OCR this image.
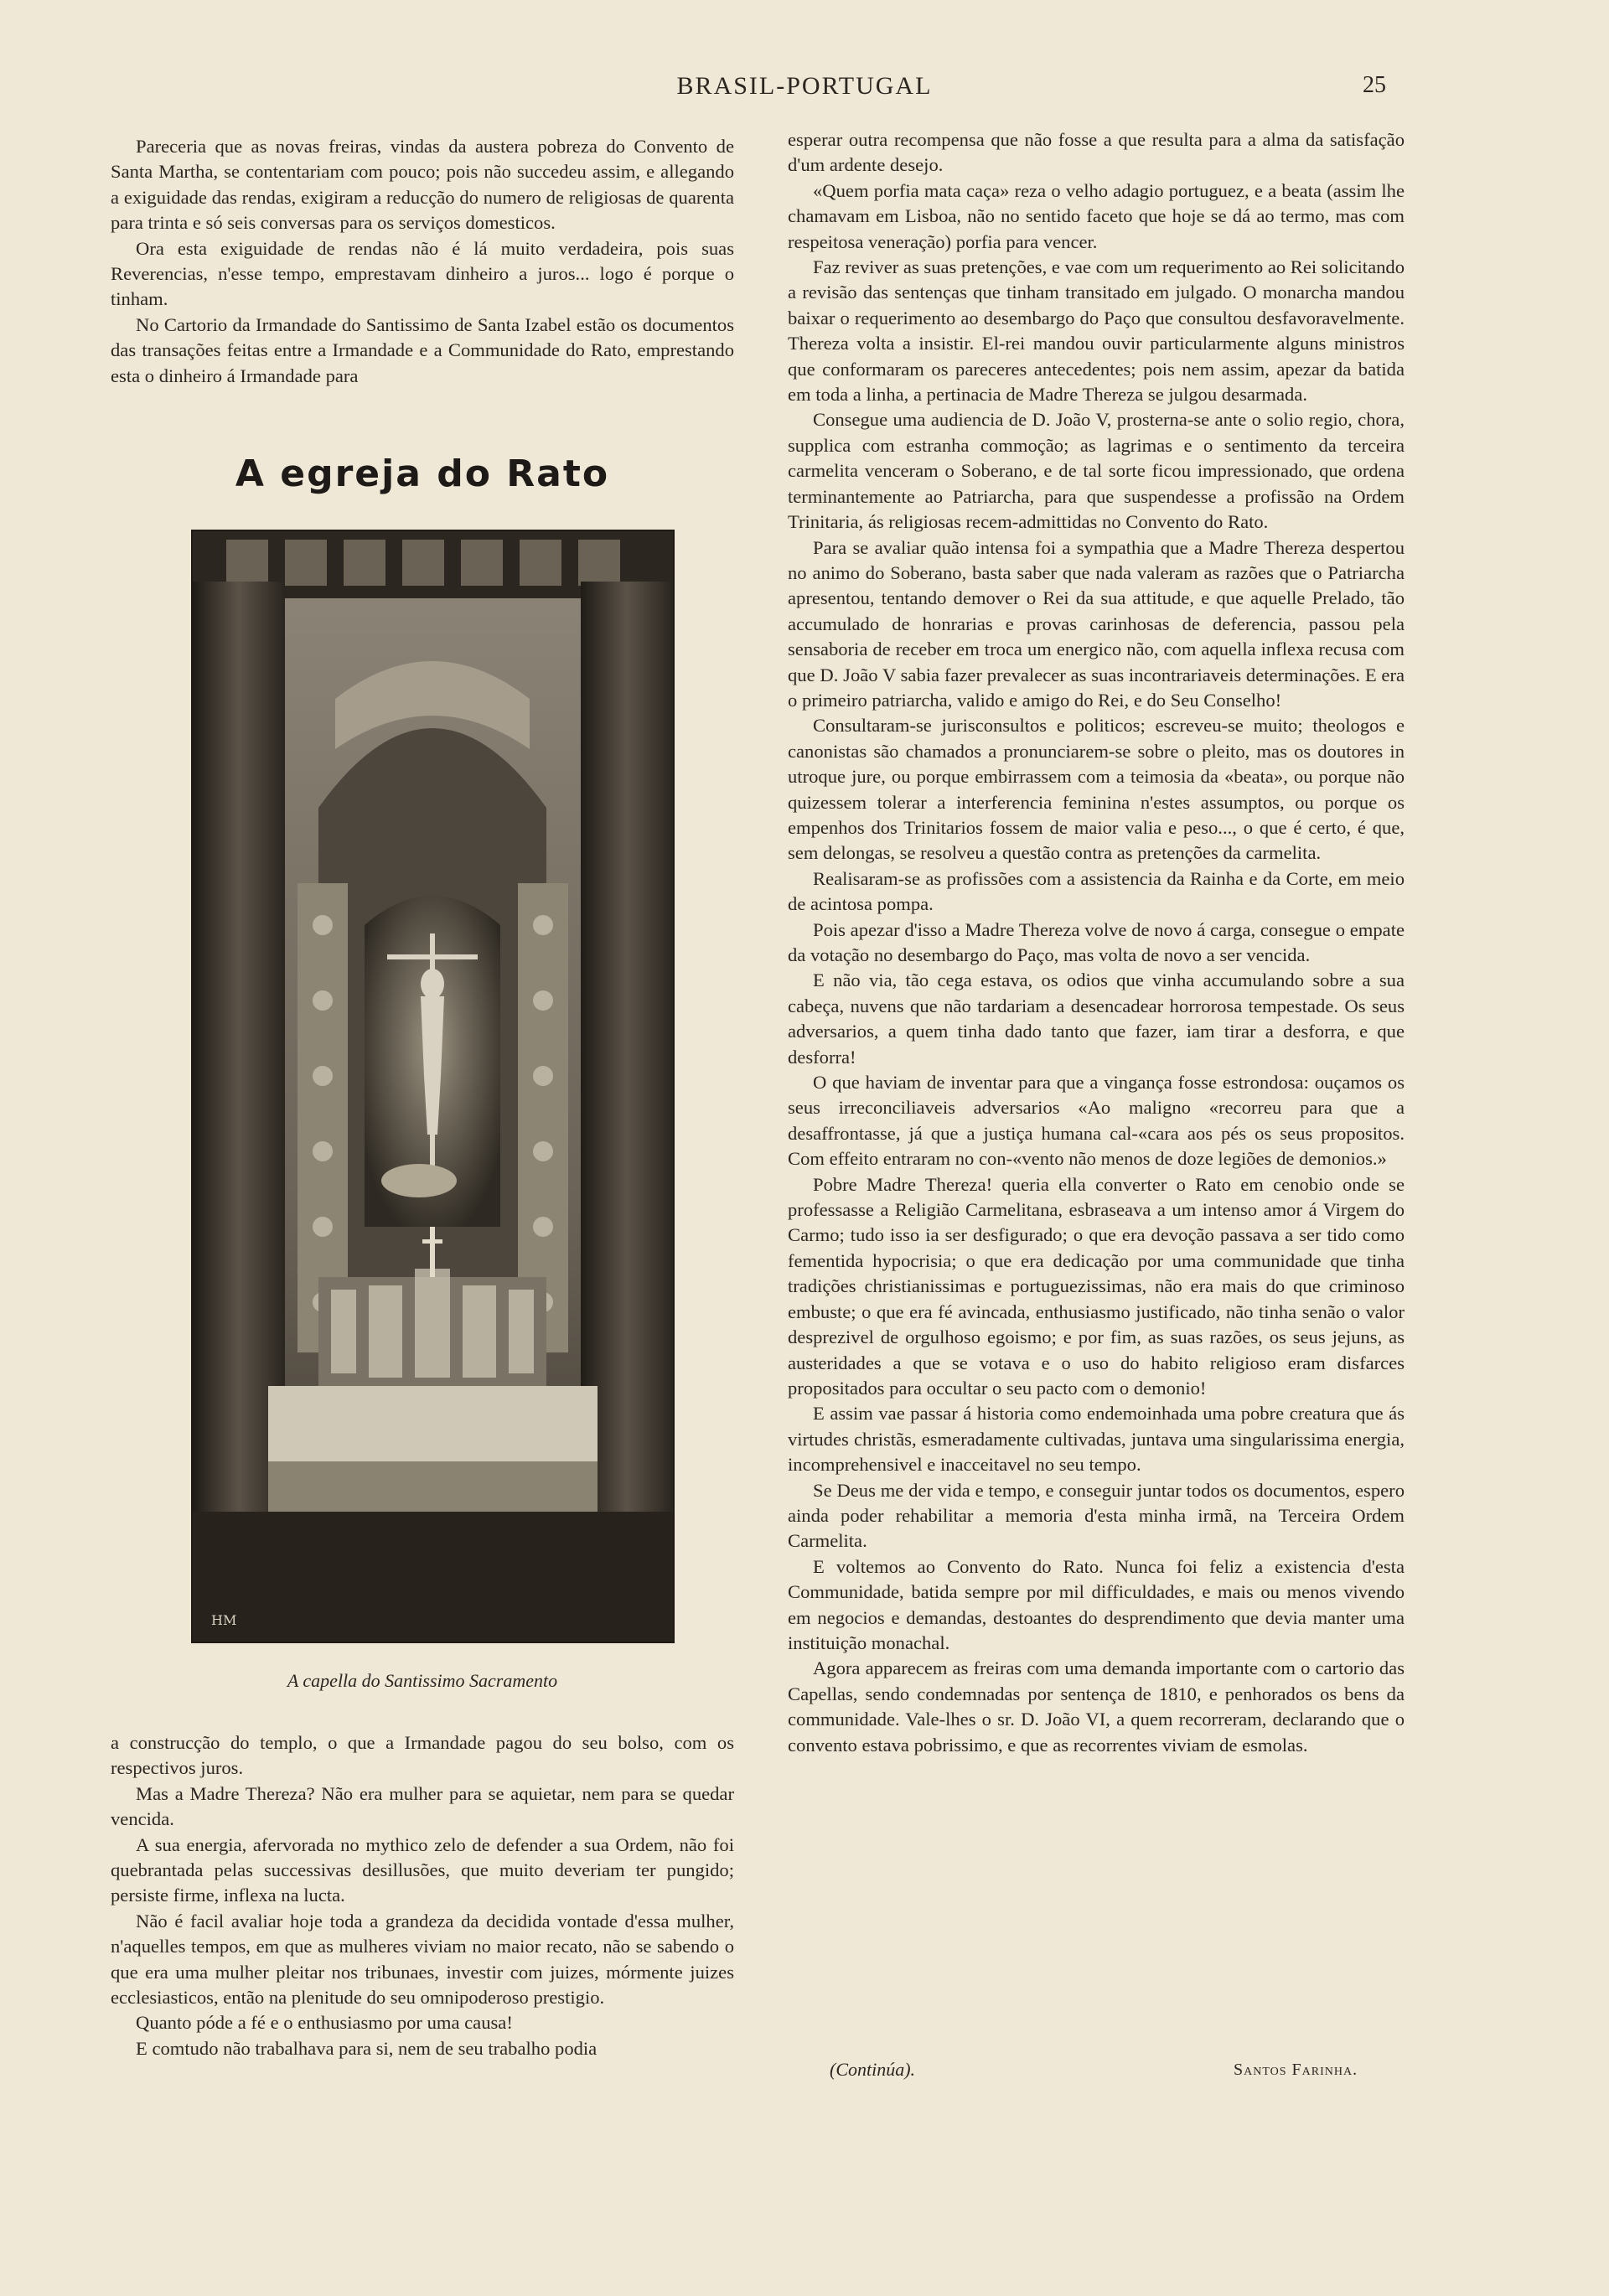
BRASIL-PORTUGAL	25

Pareceria que as novas freiras, vindas da austera pobreza do Convento de Santa Martha, se contentariam com pouco; pois não succedeu assim, e allegando a exiguidade das rendas, exigiram a reducção do numero de religiosas de quarenta para trinta e só seis conversas para os serviços domesticos.

Ora esta exiguidade de rendas não é lá muito verdadeira, pois suas Reverencias, n'esse tempo, emprestavam dinheiro a juros... logo é porque o tinham.

No Cartorio da Irmandade do Santissimo de Santa Izabel estão os documentos das transações feitas entre a Irmandade e a Communidade do Rato, emprestando esta o dinheiro á Irmandade para

A egreja do Rato
HM
A capella do Santissimo Sacramento

a construcção do templo, o que a Irmandade pagou do seu bolso, com os respectivos juros.

Mas a Madre Thereza? Não era mulher para se aquietar, nem para se quedar vencida.

A sua energia, afervorada no mythico zelo de defender a sua Ordem, não foi quebrantada pelas successivas desillusões, que muito deveriam ter pungido; persiste firme, inflexa na lucta.

Não é facil avaliar hoje toda a grandeza da decidida vontade d'essa mulher, n'aquelles tempos, em que as mulheres viviam no maior recato, não se sabendo o que era uma mulher pleitar nos tribunaes, investir com juizes, mórmente juizes ecclesiasticos, então na plenitude do seu omnipoderoso prestigio.

Quanto póde a fé e o enthusiasmo por uma causa!

E comtudo não trabalhava para si, nem de seu trabalho podia

esperar outra recompensa que não fosse a que resulta para a alma da satisfação d'um ardente desejo.

«Quem porfia mata caça» reza o velho adagio portuguez, e a beata (assim lhe chamavam em Lisboa, não no sentido faceto que hoje se dá ao termo, mas com respeitosa veneração) porfia para vencer.

Faz reviver as suas pretenções, e vae com um requerimento ao Rei solicitando a revisão das sentenças que tinham transitado em julgado. O monarcha mandou baixar o requerimento ao desembargo do Paço que consultou desfavoravelmente. Thereza volta a insistir. El-rei mandou ouvir particularmente alguns ministros que conformaram os pareceres antecedentes; pois nem assim, apezar da batida em toda a linha, a pertinacia de Madre Thereza se julgou desarmada.

Consegue uma audiencia de D. João V, prosterna-se ante o solio regio, chora, supplica com estranha commoção; as lagrimas e o sentimento da terceira carmelita venceram o Soberano, e de tal sorte ficou impressionado, que ordena terminantemente ao Patriarcha, para que suspendesse a profissão na Ordem Trinitaria, ás religiosas recem-admittidas no Convento do Rato.

Para se avaliar quão intensa foi a sympathia que a Madre Thereza despertou no animo do Soberano, basta saber que nada valeram as razões que o Patriarcha apresentou, tentando demover o Rei da sua attitude, e que aquelle Prelado, tão accumulado de honrarias e provas carinhosas de deferencia, passou pela sensaboria de receber em troca um energico não, com aquella inflexa recusa com que D. João V sabia fazer prevalecer as suas incontrariaveis determinações. E era o primeiro patriarcha, valido e amigo do Rei, e do Seu Conselho!

Consultaram-se jurisconsultos e politicos; escreveu-se muito; theologos e canonistas são chamados a pronunciarem-se sobre o pleito, mas os doutores in utroque jure, ou porque embirrassem com a teimosia da «beata», ou porque não quizessem tolerar a interferencia feminina n'estes assumptos, ou porque os empenhos dos Trinitarios fossem de maior valia e peso..., o que é certo, é que, sem delongas, se resolveu a questão contra as pretenções da carmelita.

Realisaram-se as profissões com a assistencia da Rainha e da Corte, em meio de acintosa pompa.

Pois apezar d'isso a Madre Thereza volve de novo á carga, consegue o empate da votação no desembargo do Paço, mas volta de novo a ser vencida.

E não via, tão cega estava, os odios que vinha accumulando sobre a sua cabeça, nuvens que não tardariam a desencadear horrorosa tempestade. Os seus adversarios, a quem tinha dado tanto que fazer, iam tirar a desforra, e que desforra!

O que haviam de inventar para que a vingança fosse estrondosa: ouçamos os seus irreconciliaveis adversarios «Ao maligno «recorreu para que a desaffrontasse, já que a justiça humana cal-«cara aos pés os seus propositos. Com effeito entraram no con-«vento não menos de doze legiões de demonios.»

Pobre Madre Thereza! queria ella converter o Rato em cenobio onde se professasse a Religião Carmelitana, esbraseava a um intenso amor á Virgem do Carmo; tudo isso ia ser desfigurado; o que era devoção passava a ser tido como fementida hypocrisia; o que era dedicação por uma communidade que tinha tradições christianissimas e portuguezissimas, não era mais do que criminoso embuste; o que era fé avincada, enthusiasmo justificado, não tinha senão o valor desprezivel de orgulhoso egoismo; e por fim, as suas razões, os seus jejuns, as austeridades a que se votava e o uso do habito religioso eram disfarces propositados para occultar o seu pacto com o demonio!

E assim vae passar á historia como endemoinhada uma pobre creatura que ás virtudes christãs, esmeradamente cultivadas, juntava uma singularissima energia, incomprehensivel e inacceitavel no seu tempo.

Se Deus me der vida e tempo, e conseguir juntar todos os documentos, espero ainda poder rehabilitar a memoria d'esta minha irmã, na Terceira Ordem Carmelita.

E voltemos ao Convento do Rato. Nunca foi feliz a existencia d'esta Communidade, batida sempre por mil difficuldades, e mais ou menos vivendo em negocios e demandas, destoantes do desprendimento que devia manter uma instituição monachal.

Agora apparecem as freiras com uma demanda importante com o cartorio das Capellas, sendo condemnadas por sentença de 1810, e penhorados os bens da communidade. Vale-lhes o sr. D. João VI, a quem recorreram, declarando que o convento estava pobrissimo, e que as recorrentes viviam de esmolas.

(Continúa).	Santos Farinha.
